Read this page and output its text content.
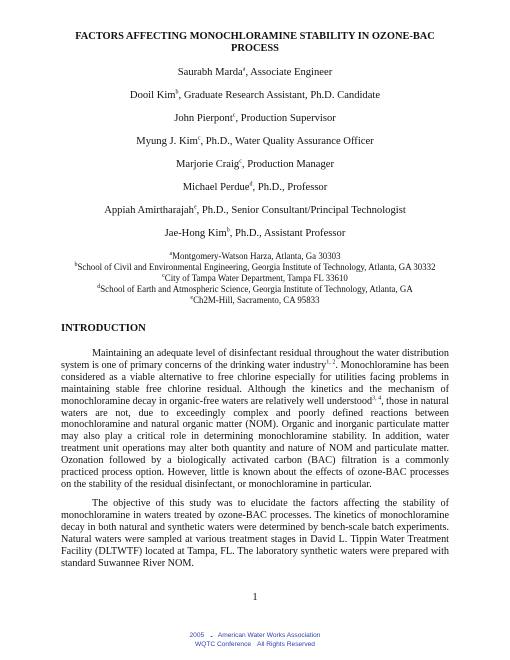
FACTORS AFFECTING MONOCHLORAMINE STABILITY IN OZONE-BAC PROCESS
Saurabh Marda$^a$, Associate Engineer
Dooil Kim$^b$, Graduate Research Assistant, Ph.D. Candidate
John Pierpont$^c$, Production Supervisor
Myung J. Kim$^c$, Ph.D., Water Quality Assurance Officer
Marjorie Craig$^c$, Production Manager
Michael Perdue$^d$, Ph.D., Professor
Appiah Amirtharajah$^e$, Ph.D., Senior Consultant/Principal Technologist
Jae-Hong Kim$^b$, Ph.D., Assistant Professor
$^a$Montgomery-Watson Harza, Atlanta, Ga 30303
$^b$School of Civil and Environmental Engineering, Georgia Institute of Technology, Atlanta, GA 30332
$^c$City of Tampa Water Department, Tampa FL 33610
$^d$School of Earth and Atmospheric Science, Georgia Institute of Technology, Atlanta, GA
$^e$Ch2M-Hill, Sacramento, CA 95833
INTRODUCTION
Maintaining an adequate level of disinfectant residual throughout the water distribution system is one of primary concerns of the drinking water industry$^{1, 2}$. Monochloramine has been considered as a viable alternative to free chlorine especially for utilities facing problems in maintaining stable free chlorine residual. Although the kinetics and the mechanism of monochloramine decay in organic-free waters are relatively well understood$^{3, 4}$, those in natural waters are not, due to exceedingly complex and poorly defined reactions between monochloramine and natural organic matter (NOM). Organic and inorganic particulate matter may also play a critical role in determining monochloramine stability. In addition, water treatment unit operations may alter both quantity and nature of NOM and particulate matter. Ozonation followed by a biologically activated carbon (BAC) filtration is a commonly practiced process option. However, little is known about the effects of ozone-BAC processes on the stability of the residual disinfectant, or monochloramine in particular.
The objective of this study was to elucidate the factors affecting the stability of monochloramine in waters treated by ozone-BAC processes. The kinetics of monochloramine decay in both natural and synthetic waters were determined by bench-scale batch experiments. Natural waters were sampled at various treatment stages in David L. Tippin Water Treatment Facility (DLTWTF) located at Tampa, FL. The laboratory synthetic waters were prepared with standard Suwannee River NOM.
1
2005 .. American Water Works Association
WQTC Conference All Rights Reserved
